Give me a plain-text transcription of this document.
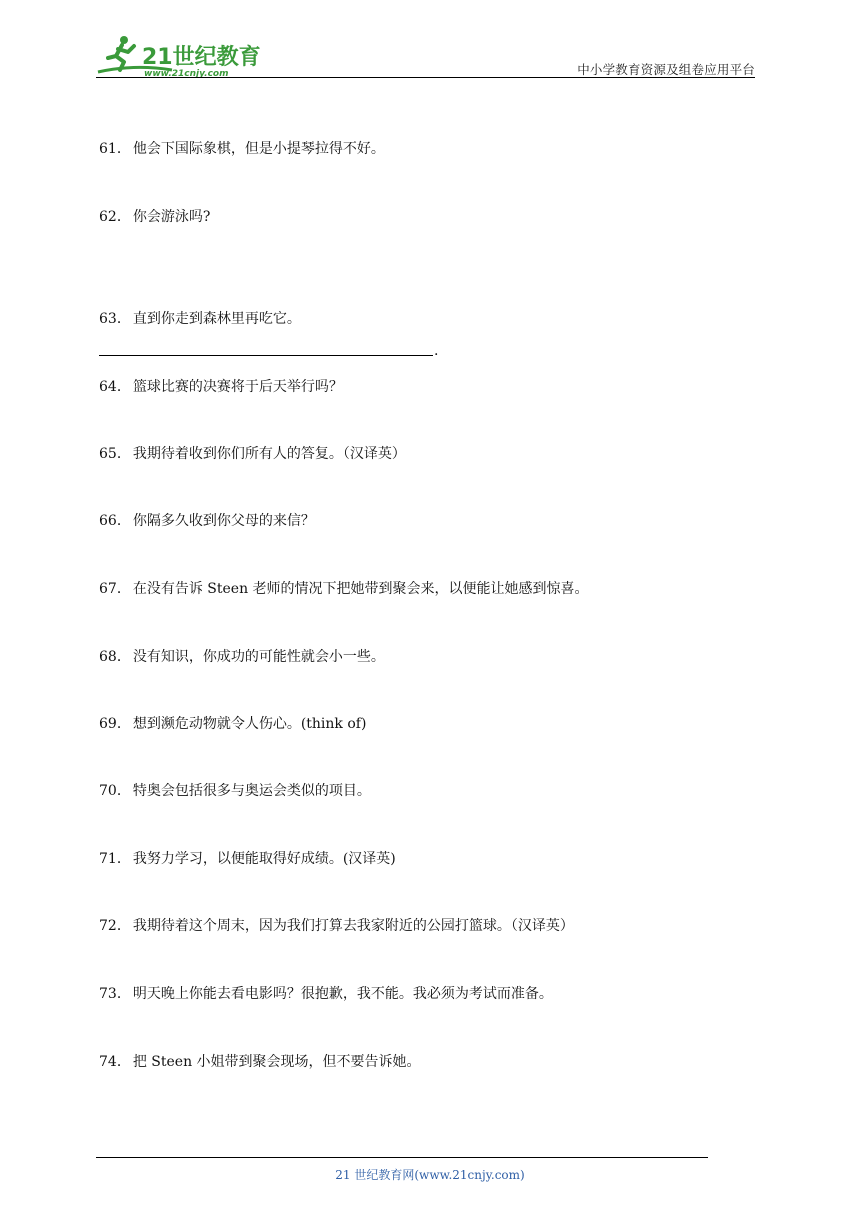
21世纪教育
www.21cnjy.com	中小学教育资源及组卷应用平台
61． 他会下国际象棋，但是小提琴拉得不好。
62． 你会游泳吗?
63． 直到你走到森林里再吃它。
64． 篮球比赛的决赛将于后天举行吗？
65． 我期待着收到你们所有人的答复。（汉译英）
66． 你隔多久收到你父母的来信？
67． 在没有告诉 Steen 老师的情况下把她带到聚会来，以便能让她感到惊喜。
68． 没有知识，你成功的可能性就会小一些。
69． 想到濒危动物就令人伤心。(think of)
70． 特奥会包括很多与奥运会类似的项目。
71． 我努力学习，以便能取得好成绩。(汉译英)
72． 我期待着这个周末，因为我们打算去我家附近的公园打篮球。（汉译英）
73． 明天晚上你能去看电影吗？很抱歉，我不能。我必须为考试而准备。
74． 把 Steen 小姐带到聚会现场，但不要告诉她。
.
21 世纪教育网(www.21cnjy.com)
